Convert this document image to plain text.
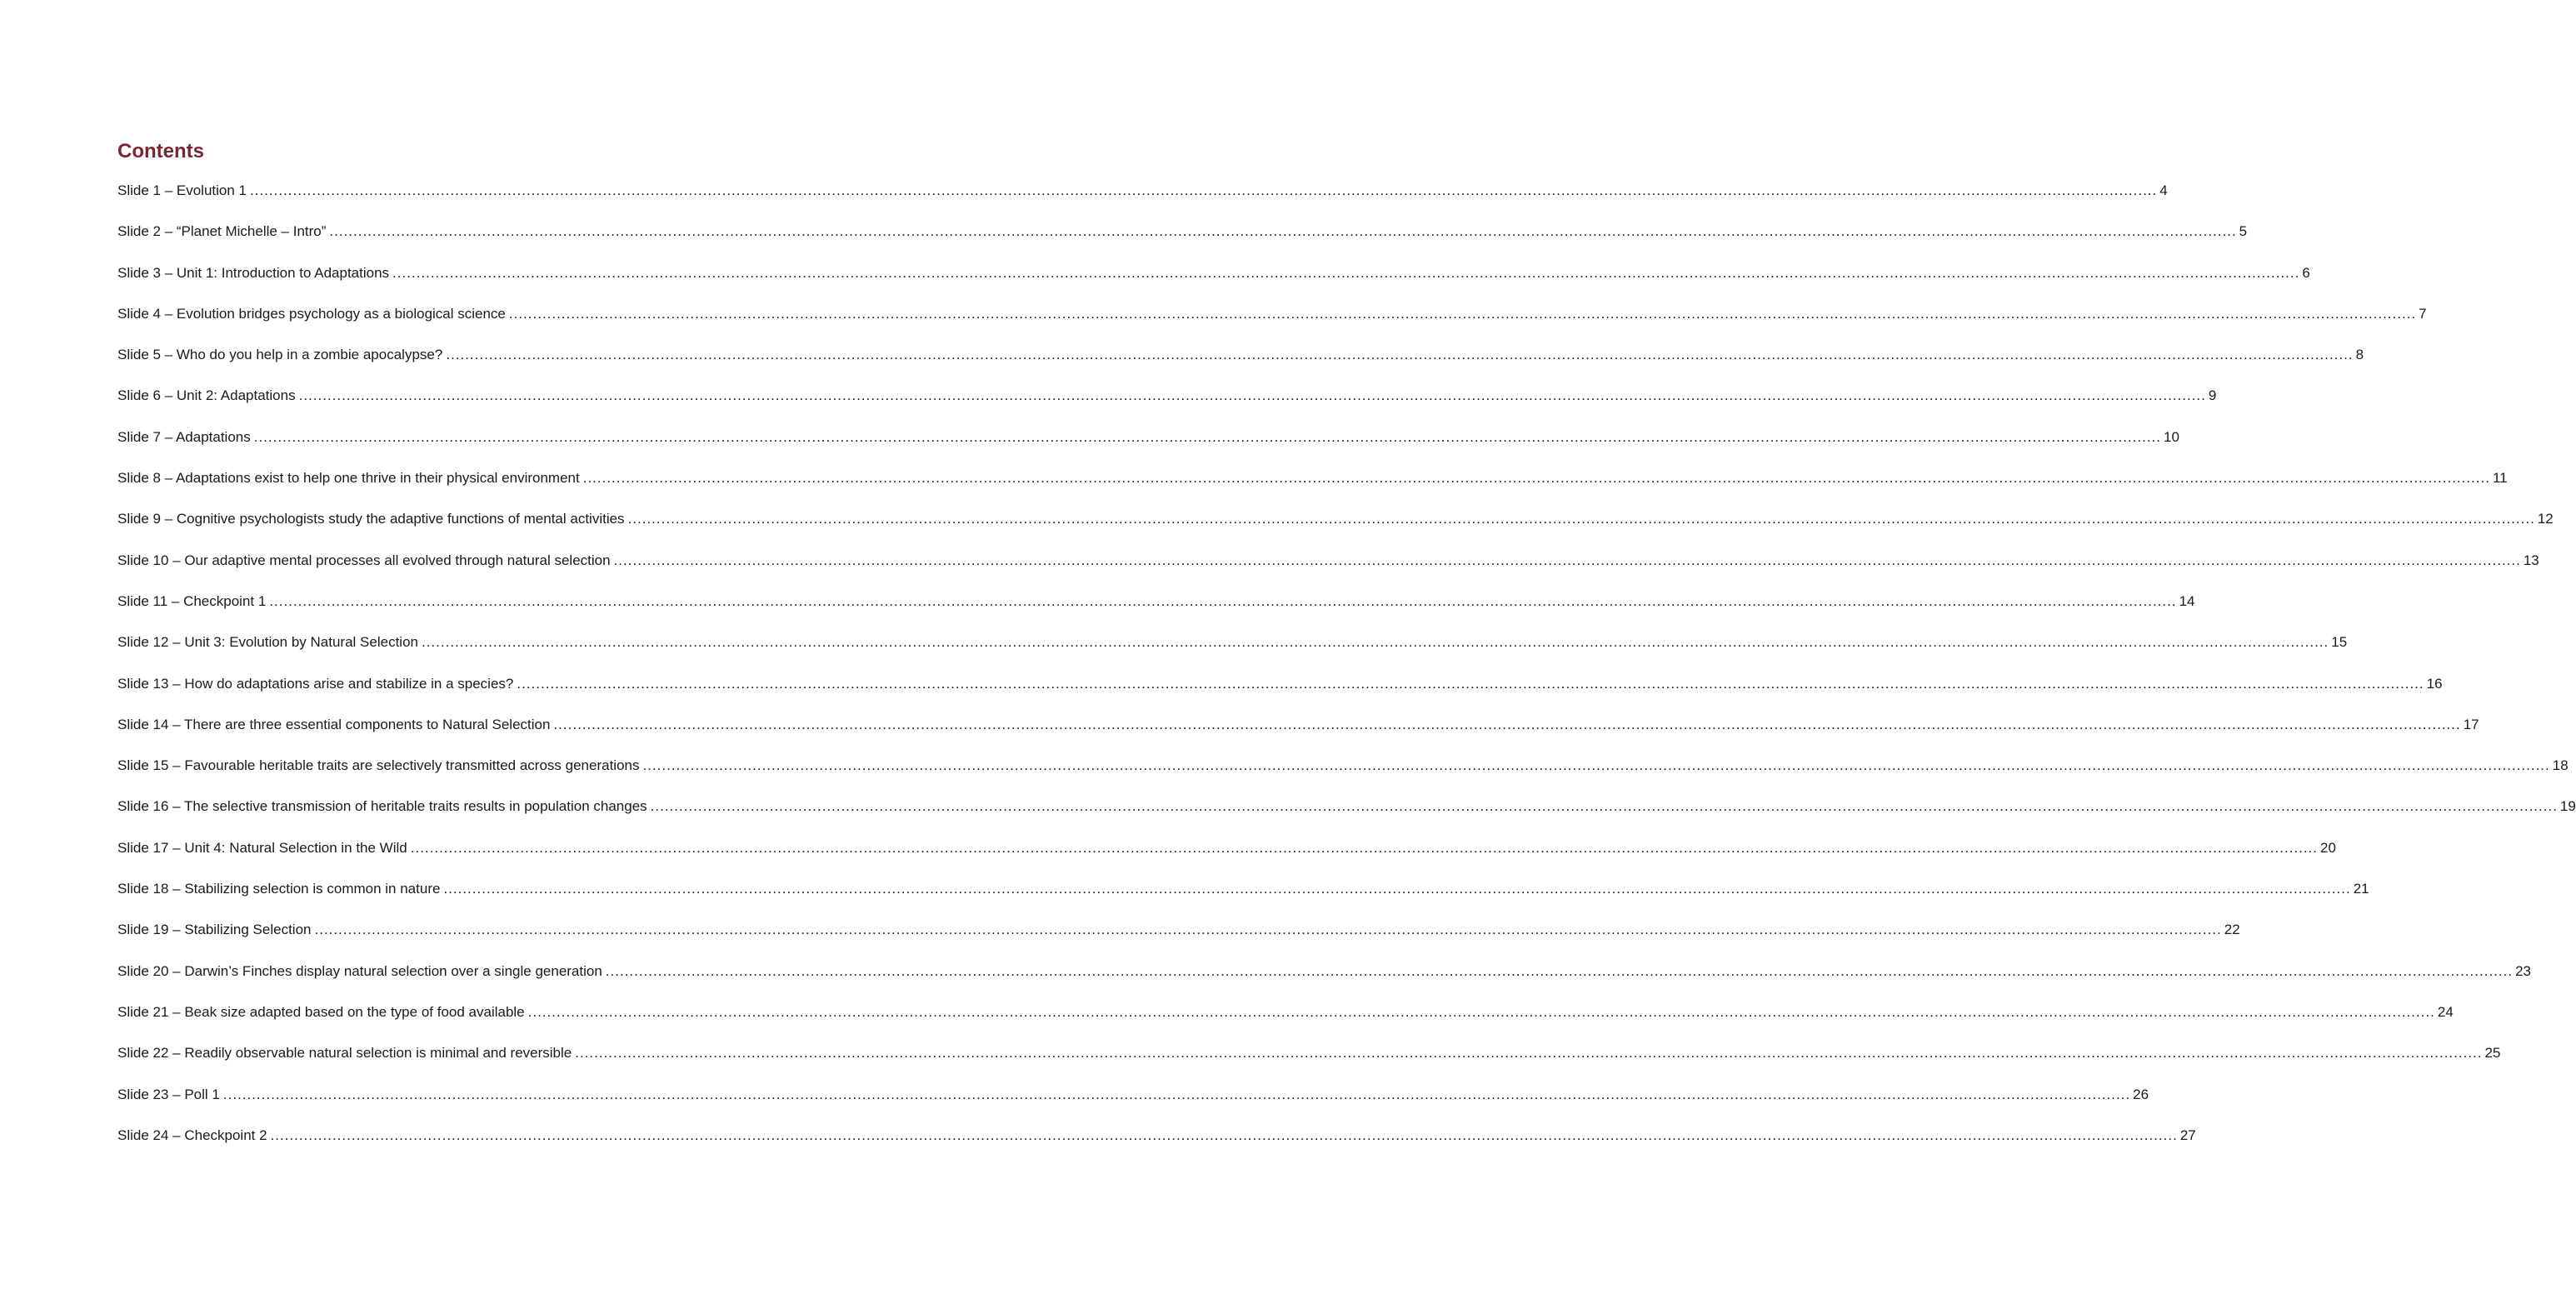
Contents
Slide 1 – Evolution 1 .....	4
Slide 2 – “Planet Michelle – Intro” .....	5
Slide 3 – Unit 1: Introduction to Adaptations .....	6
Slide 4 – Evolution bridges psychology as a biological science .....	7
Slide 5 – Who do you help in a zombie apocalypse? .....	8
Slide 6 – Unit 2: Adaptations .....	9
Slide 7 – Adaptations .....	10
Slide 8 – Adaptations exist to help one thrive in their physical environment .....	11
Slide 9 – Cognitive psychologists study the adaptive functions of mental activities .....	12
Slide 10 – Our adaptive mental processes all evolved through natural selection .....	13
Slide 11 – Checkpoint 1 .....	14
Slide 12 – Unit 3: Evolution by Natural Selection .....	15
Slide 13 – How do adaptations arise and stabilize in a species? .....	16
Slide 14 – There are three essential components to Natural Selection .....	17
Slide 15 – Favourable heritable traits are selectively transmitted across generations .....	18
Slide 16 – The selective transmission of heritable traits results in population changes .....	19
Slide 17 – Unit 4: Natural Selection in the Wild .....	20
Slide 18 – Stabilizing selection is common in nature .....	21
Slide 19 – Stabilizing Selection .....	22
Slide 20 – Darwin’s Finches display natural selection over a single generation .....	23
Slide 21 – Beak size adapted based on the type of food available .....	24
Slide 22 – Readily observable natural selection is minimal and reversible .....	25
Slide 23 – Poll 1 .....	26
Slide 24 – Checkpoint 2 .....	27
